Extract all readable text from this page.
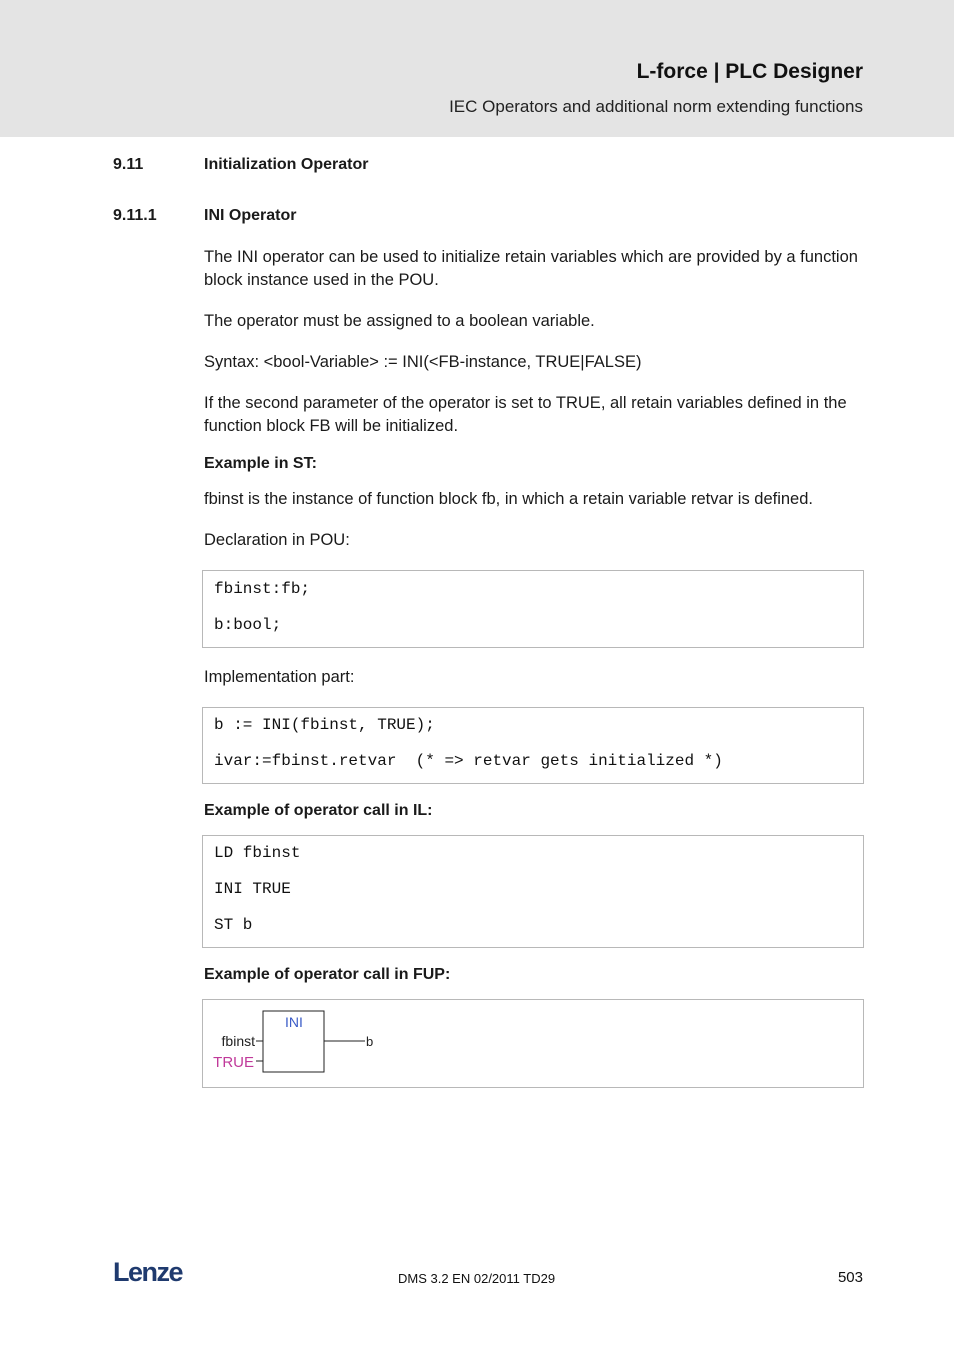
L-force | PLC Designer
IEC Operators and additional norm extending functions
9.11	Initialization Operator
9.11.1	INI Operator
The INI operator can be used to initialize retain variables which are provided by a function block instance used in the POU.
The operator must be assigned to a boolean variable.
Syntax: <bool-Variable> := INI(<FB-instance, TRUE|FALSE)
If the second parameter of the operator is set to TRUE, all retain variables defined in the function block FB will be initialized.
Example in ST:
fbinst is the instance of function block fb, in which a retain variable retvar is defined.
Declaration in POU:
fbinst:fb;
b:bool;
Implementation part:
b := INI(fbinst, TRUE);
ivar:=fbinst.retvar  (* => retvar gets initialized *)
Example of operator call in IL:
LD fbinst
INI TRUE
ST b
Example of operator call in FUP:
INI
fbinst
TRUE
b
Lenze	DMS 3.2 EN 02/2011 TD29	503
